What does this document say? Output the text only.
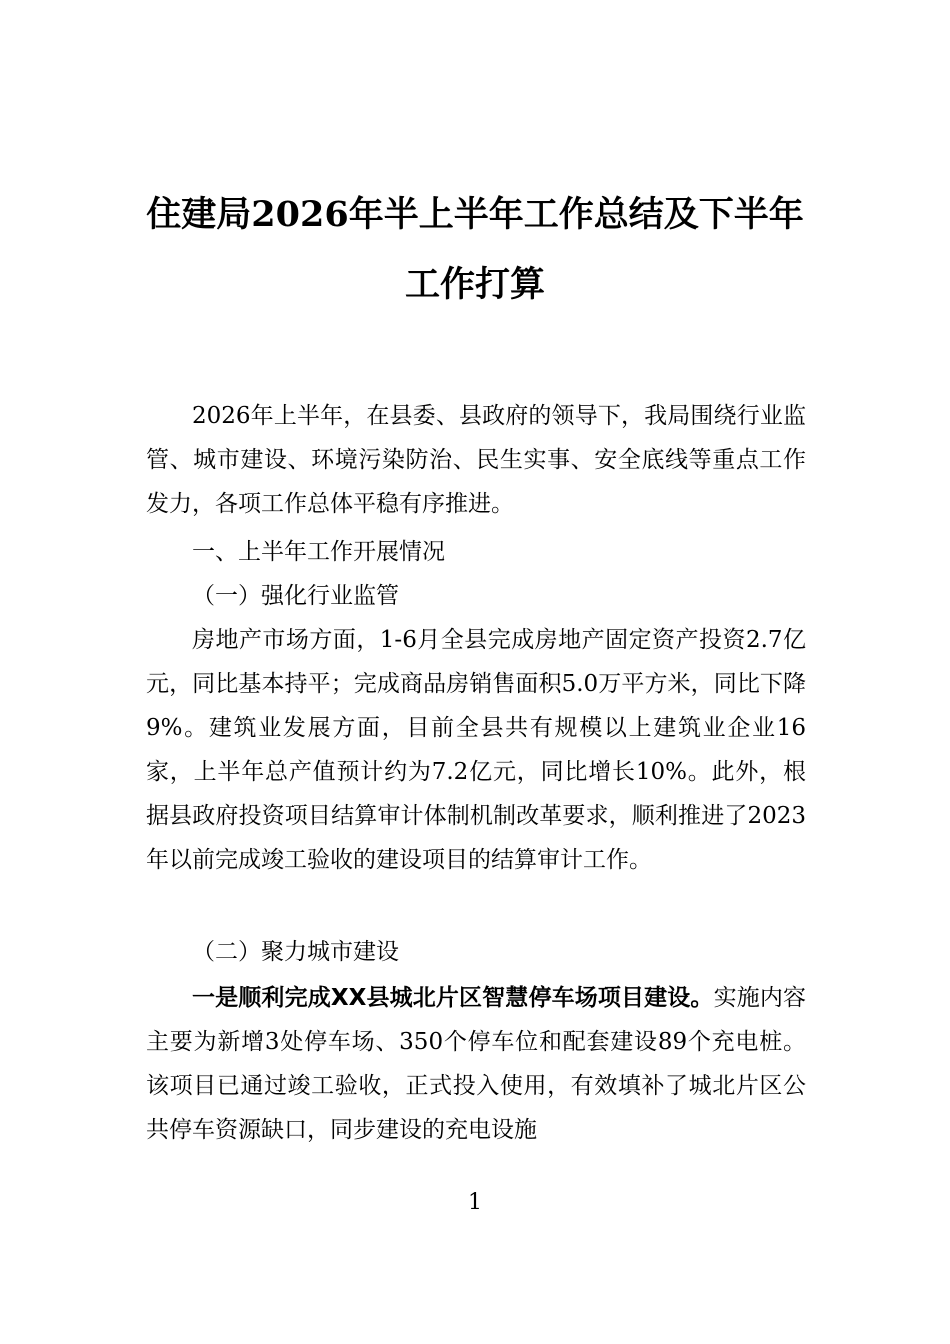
住建局2026年半上半年工作总结及下半年
工作打算
2026年上半年，在县委、县政府的领导下，我局围绕行业监管、城市建设、环境污染防治、民生实事、安全底线等重点工作发力，各项工作总体平稳有序推进。
一、上半年工作开展情况
（一）强化行业监管
房地产市场方面，1-6月全县完成房地产固定资产投资2.7亿元，同比基本持平；完成商品房销售面积5.0万平方米，同比下降9%。建筑业发展方面，目前全县共有规模以上建筑业企业16家，上半年总产值预计约为7.2亿元，同比增长10%。此外，根据县政府投资项目结算审计体制机制改革要求，顺利推进了2023年以前完成竣工验收的建设项目的结算审计工作。
（二）聚力城市建设
一是顺利完成XX县城北片区智慧停车场项目建设。实施内容主要为新增3处停车场、350个停车位和配套建设89个充电桩。该项目已通过竣工验收，正式投入使用，有效填补了城北片区公共停车资源缺口，同步建设的充电设施
1
